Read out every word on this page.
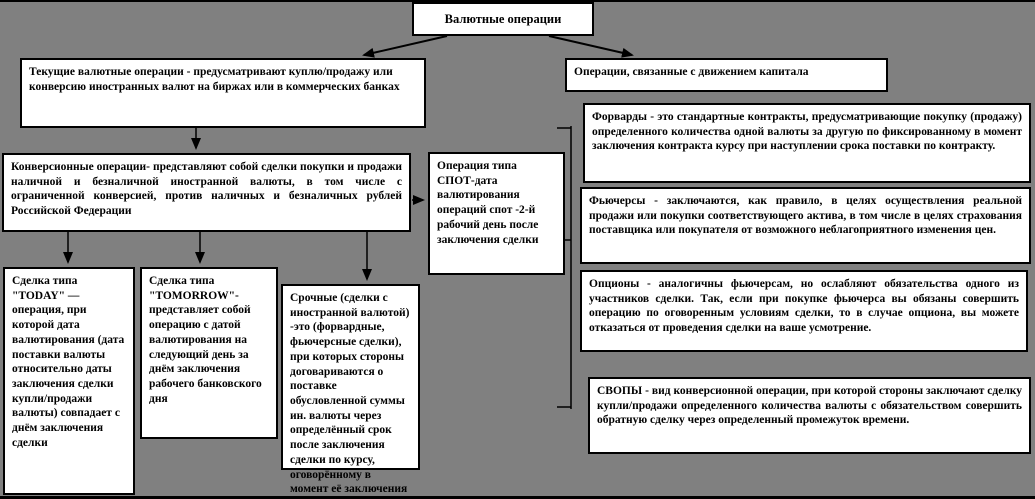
Валютные операции
Текущие валютные операции - предусматривают куплю/продажу или конверсию иностранных валют на биржах или в коммерческих банках
Операции, связанные с движением капитала
Конверсионные операции- представляют собой сделки покупки и продажи наличной и безналичной иностранной валюты, в том числе с ограниченной конверсией, против наличных и безналичных рублей Российской Федерации
Операция типа СПОТ-дата валютирования операций спот -2-й рабочий день после заключения сделки
Форварды - это стандартные контракты, предусматривающие покупку (продажу) определенного количества одной валюты за другую по фиксированному в момент заключения контракта курсу при наступлении срока поставки по контракту.
Фьючерсы - заключаются, как правило, в целях осуществления реальной продажи или покупки соответствующего актива, в том числе в целях страхования поставщика или покупателя от возможного неблагоприятного изменения цен.
Опционы - аналогичны фьючерсам, но ослабляют обязательства одного из участников сделки. Так, если при покупке фьючерса вы обязаны совершить операцию по оговоренным условиям сделки, то в случае опциона, вы можете отказаться от проведения сделки на ваше усмотрение.
СВОПЫ - вид конверсионной операции, при которой стороны заключают сделку купли/продажи определенного количества валюты с обязательством совершить обратную сделку через определенный промежуток времени.
Сделка типа "TODAY" — операция, при которой дата валютирования (дата поставки валюты относительно даты заключения сделки купли/продажи валюты) совпадает с днём заключения сделки
Сделка типа "TOMORROW"- представляет собой операцию с датой валютирования на следующий день за днём заключения рабочего банковского дня
Срочные (сделки с иностранной валютой) -это (форвардные, фьючерсные сделки), при которых стороны договариваются о поставке обусловленной суммы ин. валюты через определённый срок после заключения сделки по курсу, оговорённому в момент её заключения
